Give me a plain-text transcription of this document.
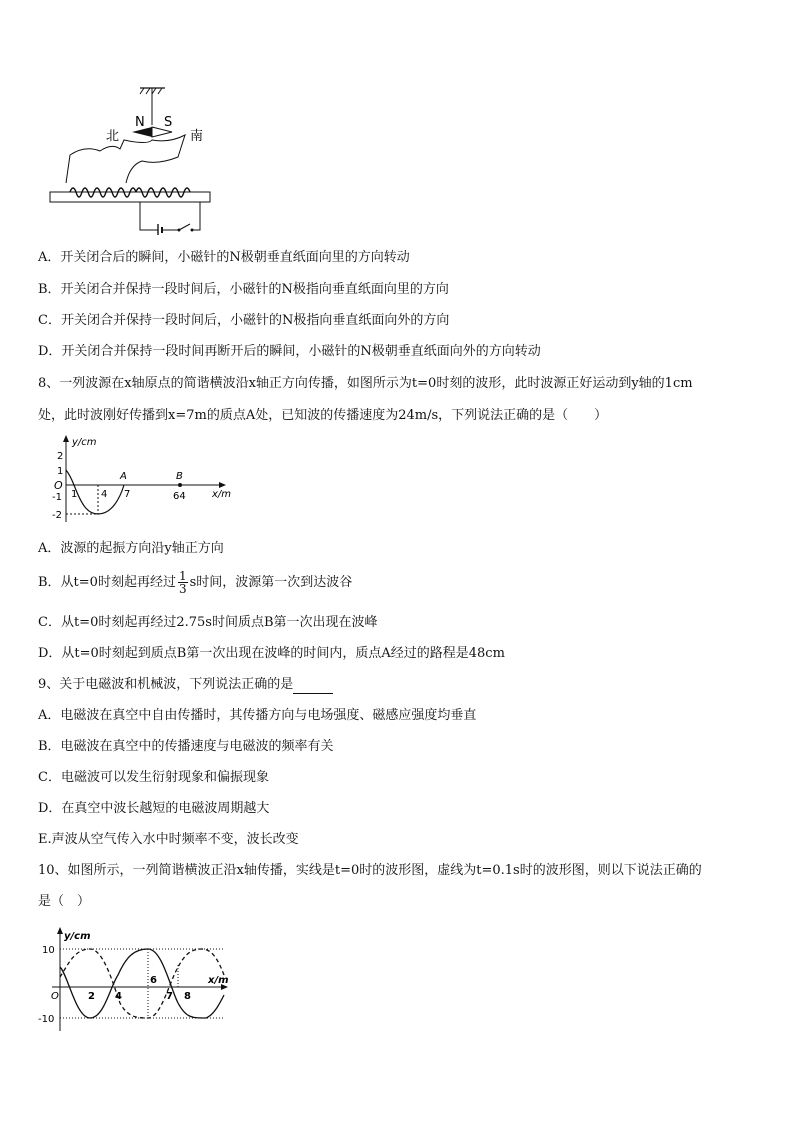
N S
北	南
A．开关闭合后的瞬间，小磁针的N极朝垂直纸面向里的方向转动
B．开关闭合并保持一段时间后，小磁针的N极指向垂直纸面向里的方向
C．开关闭合并保持一段时间后，小磁针的N极指向垂直纸面向外的方向
D．开关闭合并保持一段时间再断开后的瞬间，小磁针的N极朝垂直纸面向外的方向转动
8、一列波源在x轴原点的简谐横波沿x轴正方向传播，如图所示为t=0时刻的波形，此时波源正好运动到y轴的1cm
处，此时波刚好传播到x=7m的质点A处，已知波的传播速度为24m/s，下列说法正确的是（　　）
y/cm
x/m
O
2
1
-1
-2
1 4 7
A	B
64
A．波源的起振方向沿y轴正方向
B．从t=0时刻起再经过 $\frac{1}{3}$ s时间，波源第一次到达波谷
C．从t=0时刻起再经过2.75s时间质点B第一次出现在波峰
D．从t=0时刻起到质点B第一次出现在波峰的时间内，质点A经过的路程是48cm
9、关于电磁波和机械波，下列说法正确的是
A．电磁波在真空中自由传播时，其传播方向与电场强度、磁感应强度均垂直
B．电磁波在真空中的传播速度与电磁波的频率有关
C．电磁波可以发生衍射现象和偏振现象
D．在真空中波长越短的电磁波周期越大
E.声波从空气传入水中时频率不变，波长改变
10、如图所示，一列简谐横波正沿x轴传播，实线是t=0时的波形图，虚线为t=0.1s时的波形图，则以下说法正确的
是（　）
y/cm
x/m
10
-10
O	2 4
6
7 8
